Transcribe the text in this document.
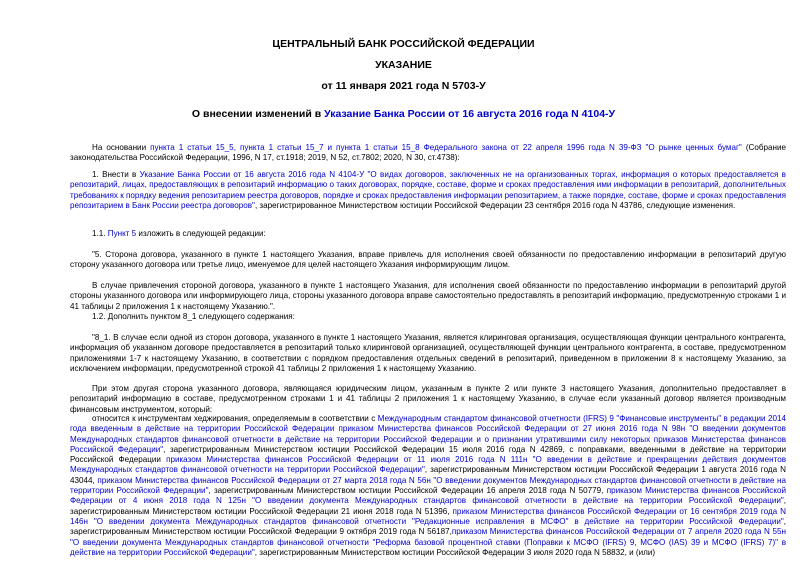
ЦЕНТРАЛЬНЫЙ БАНК РОССИЙСКОЙ ФЕДЕРАЦИИ
УКАЗАНИЕ
от 11 января 2021 года N 5703-У
О внесении изменений в Указание Банка России от 16 августа 2016 года N 4104-У

На основании пункта 1 статьи 15_5, пункта 1 статьи 15_7 и пункта 1 статьи 15_8 Федерального закона от 22 апреля 1996 года N 39-ФЗ "О рынке ценных бумаг" (Собрание законодательства Российской Федерации, 1996, N 17, ст.1918; 2019, N 52, ст.7802; 2020, N 30, ст.4738):

1. Внести в Указание Банка России от 16 августа 2016 года N 4104-У "О видах договоров, заключенных не на организованных торгах, информация о которых предоставляется в репозитарий, лицах, предоставляющих в репозитарий информацию о таких договорах, порядке, составе, форме и сроках предоставления ими информации в репозитарий, дополнительных требованиях к порядку ведения репозитарием реестра договоров, порядке и сроках предоставления информации репозитарием, а также порядке, составе, форме и сроках предоставления репозитарием в Банк России реестра договоров", зарегистрированное Министерством юстиции Российской Федерации 23 сентября 2016 года N 43786, следующие изменения.

1.1. Пункт 5 изложить в следующей редакции:

"5. Сторона договора, указанного в пункте 1 настоящего Указания, вправе привлечь для исполнения своей обязанности по предоставлению информации в репозитарий другую сторону указанного договора или третье лицо, именуемое для целей настоящего Указания информирующим лицом.

В случае привлечения стороной договора, указанного в пункте 1 настоящего Указания, для исполнения своей обязанности по предоставлению информации в репозитарий другой стороны указанного договора или информирующего лица, стороны указанного договора вправе самостоятельно предоставлять в репозитарий информацию, предусмотренную строками 1 и 41 таблицы 2 приложения 1 к настоящему Указанию.".

1.2. Дополнить пунктом 8_1 следующего содержания:

"8_1. В случае если одной из сторон договора, указанного в пункте 1 настоящего Указания, является клиринговая организация, осуществляющая функции центрального контрагента, информация об указанном договоре предоставляется в репозитарий только клиринговой организацией, осуществляющей функции центрального контрагента, в составе, предусмотренном приложениями 1-7 к настоящему Указанию, в соответствии с порядком предоставления отдельных сведений в репозитарий, приведенном в приложении 8 к настоящему Указанию, за исключением информации, предусмотренной строкой 41 таблицы 2 приложения 1 к настоящему Указанию.

При этом другая сторона указанного договора, являющаяся юридическим лицом, указанным в пункте 2 или пункте 3 настоящего Указания, дополнительно предоставляет в репозитарий информацию в составе, предусмотренном строками 1 и 41 таблицы 2 приложения 1 к настоящему Указанию, в случае если указанный договор является производным финансовым инструментом, который:

относится к инструментам хеджирования, определяемым в соответствии с Международным стандартом финансовой отчетности (IFRS) 9 "Финансовые инструменты" в редакции 2014 года введенным в действие на территории Российской Федерации приказом Министерства финансов Российской Федерации от 27 июня 2016 года N 98н "О введении документов Международных стандартов финансовой отчетности в действие на территории Российской Федерации и о признании утратившими силу некоторых приказов Министерства финансов Российской Федерации", зарегистрированным Министерством юстиции Российской Федерации 15 июля 2016 года N 42869, с поправками, введенными в действие на территории Российской Федерации приказом Министерства финансов Российской Федерации от 11 июля 2016 года N 111н "О введении в действие и прекращении действия документов Международных стандартов финансовой отчетности на территории Российской Федерации", зарегистрированным Министерством юстиции Российской Федерации 1 августа 2016 года N 43044, приказом Министерства финансов Российской Федерации от 27 марта 2018 года N 56н "О введении документов Международных стандартов финансовой отчетности в действие на территории Российской Федерации", зарегистрированным Министерством юстиции Российской Федерации 16 апреля 2018 года N 50779, приказом Министерства финансов Российской Федерации от 4 июня 2018 года N 125н "О введении документа Международных стандартов финансовой отчетности в действие на территории Российской Федерации", зарегистрированным Министерством юстиции Российской Федерации 21 июня 2018 года N 51396, приказом Министерства финансов Российской Федерации от 16 сентября 2019 года N 146н "О введении документа Международных стандартов финансовой отчетности "Редакционные исправления в МСФО" в действие на территории Российской Федерации", зарегистрированным Министерством юстиции Российской Федерации 9 октября 2019 года N 56187,приказом Министерства финансов Российской Федерации от 7 апреля 2020 года N 55н "О введении документа Международных стандартов финансовой отчетности "Реформа базовой процентной ставки (Поправки к МСФО (IFRS) 9, МСФО (IAS) 39 и МСФО (IFRS) 7)" в действие на территории Российской Федерации", зарегистрированным Министерством юстиции Российской Федерации 3 июля 2020 года N 58832, и (или)
